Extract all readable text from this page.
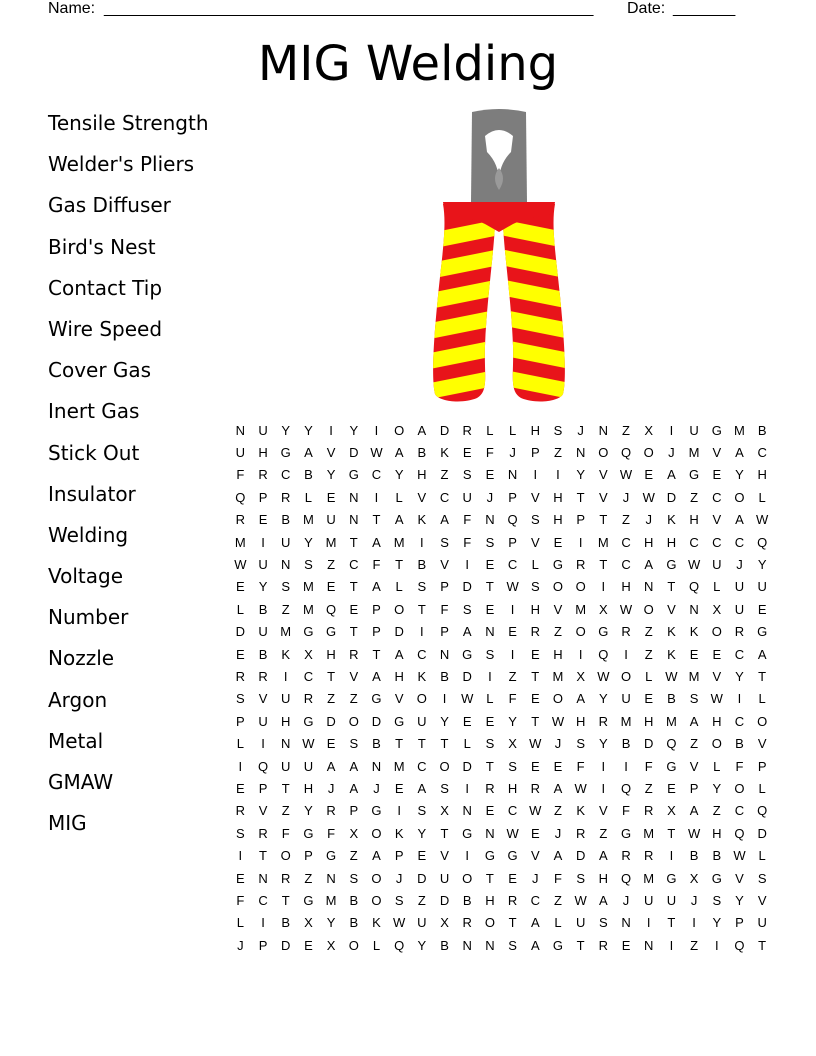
Name: _______________________________________________________ Date: _______
MIG Welding
Tensile Strength
Welder's Pliers
Gas Diffuser
Bird's Nest
Contact Tip
Wire Speed
Cover Gas
Inert Gas
Stick Out
Insulator
Welding
Voltage
Number
Nozzle
Argon
Metal
GMAW
MIG
N	U	Y	Y	I	Y	I	O	A	D	R	L	L	H	S	J	N	Z	X	I	U	G	M	B
U	H	G	A	V	D	W	A	B	K	E	F	J	P	Z	N	O	Q	O	J	M	V	A	C
F	R	C	B	Y	G	C	Y	H	Z	S	E	N	I	I	Y	V	W	E	A	G	E	Y	H
Q	P	R	L	E	N	I	L	V	C	U	J	P	V	H	T	V	J	W	D	Z	C	O	L
R	E	B	M	U	N	T	A	K	A	F	N	Q	S	H	P	T	Z	J	K	H	V	A	W
M	I	U	Y	M	T	A	M	I	S	F	S	P	V	E	I	M	C	H	H	C	C	C	Q
W	U	N	S	Z	C	F	T	B	V	I	E	C	L	G	R	T	C	A	G	W	U	J	Y
E	Y	S	M	E	T	A	L	S	P	D	T	W	S	O	O	I	H	N	T	Q	L	U	U
L	B	Z	M	Q	E	P	O	T	F	S	E	I	H	V	M	X	W	O	V	N	X	U	E
D	U	M	G	G	T	P	D	I	P	A	N	E	R	Z	O	G	R	Z	K	K	O	R	G
E	B	K	X	H	R	T	A	C	N	G	S	I	E	H	I	Q	I	Z	K	E	E	C	A
R	R	I	C	T	V	A	H	K	B	D	I	Z	T	M	X	W	O	L	W	M	V	Y	T
S	V	U	R	Z	Z	G	V	O	I	W	L	F	E	O	A	Y	U	E	B	S	W	I	L
P	U	H	G	D	O	D	G	U	Y	E	E	Y	T	W	H	R	M	H	M	A	H	C	O
L	I	N	W	E	S	B	T	T	T	L	S	X	W	J	S	Y	B	D	Q	Z	O	B	V
I	Q	U	U	A	A	N	M	C	O	D	T	S	E	E	F	I	I	F	G	V	L	F	P
E	P	T	H	J	A	J	E	A	S	I	R	H	R	A	W	I	Q	Z	E	P	Y	O	L
R	V	Z	Y	R	P	G	I	S	X	N	E	C	W	Z	K	V	F	R	X	A	Z	C	Q
S	R	F	G	F	X	O	K	Y	T	G	N	W	E	J	R	Z	G	M	T	W	H	Q	D
I	T	O	P	G	Z	A	P	E	V	I	G	G	V	A	D	A	R	R	I	B	B	W	L
E	N	R	Z	N	S	O	J	D	U	O	T	E	J	F	S	H	Q	M	G	X	G	V	S
F	C	T	G	M	B	O	S	Z	D	B	H	R	C	Z	W	A	J	U	U	J	S	Y	V
L	I	B	X	Y	B	K	W	U	X	R	O	T	A	L	U	S	N	I	T	I	Y	P	U
J	P	D	E	X	O	L	Q	Y	B	N	N	S	A	G	T	R	E	N	I	Z	I	Q	T
